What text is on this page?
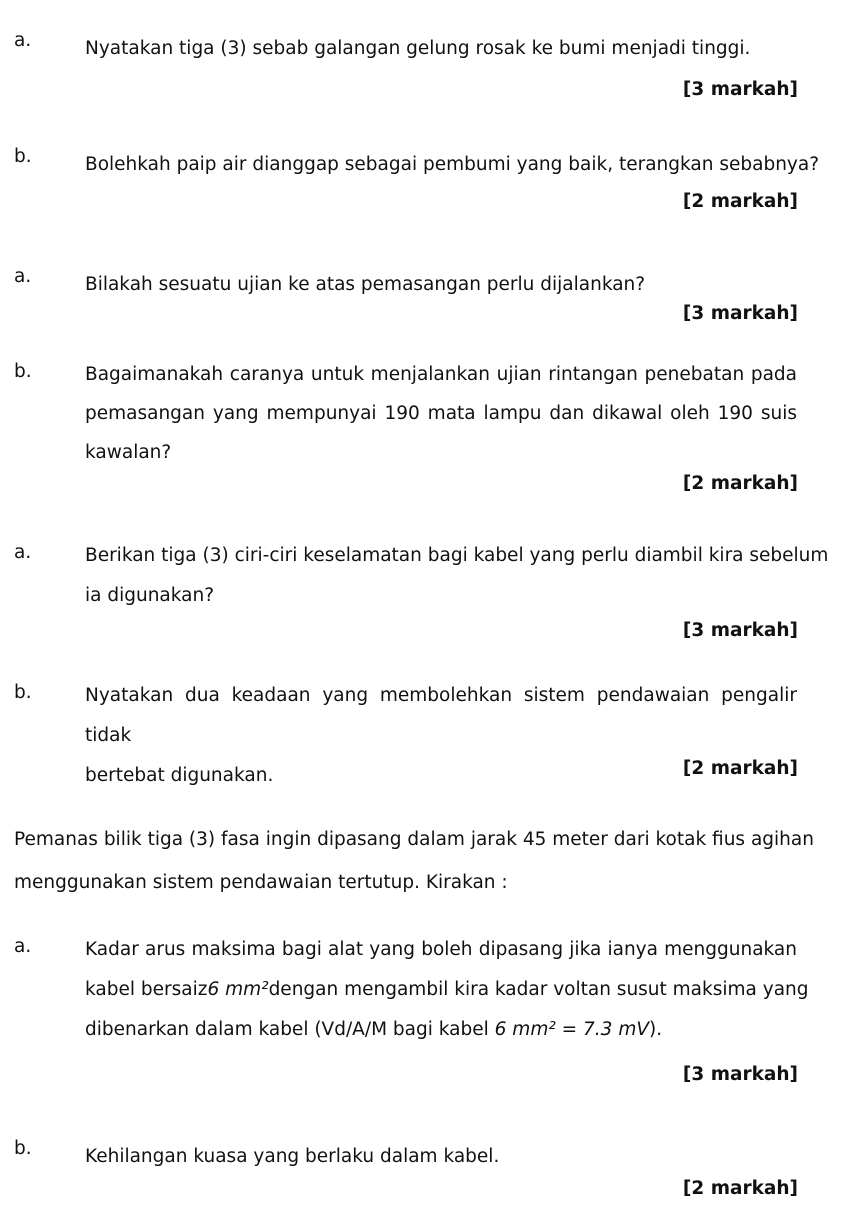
a.	Nyatakan tiga (3) sebab galangan gelung rosak ke bumi menjadi tinggi.
[3 markah]
b.	Bolehkah paip air dianggap sebagai pembumi yang baik, terangkan sebabnya?
[2 markah]
a.	Bilakah sesuatu ujian ke atas pemasangan perlu dijalankan?
[3 markah]
b.	Bagaimanakah caranya untuk menjalankan ujian rintangan penebatan pada
pemasangan yang mempunyai 190 mata lampu dan dikawal oleh 190 suis
kawalan?
[2 markah]
a.	Berikan tiga (3) ciri-ciri keselamatan bagi kabel yang perlu diambil kira sebelum
ia digunakan?
[3 markah]
b.	Nyatakan dua keadaan yang membolehkan sistem pendawaian pengalir tidak
bertebat digunakan.	[2 markah]
Pemanas bilik tiga (3) fasa ingin dipasang dalam jarak 45 meter dari kotak fius agihan
menggunakan sistem pendawaian tertutup. Kirakan :
a.	Kadar arus maksima bagi alat yang boleh dipasang jika ianya menggunakan
kabel bersaiz 6 mm² dengan mengambil kira kadar voltan susut maksima yang
dibenarkan dalam kabel (Vd/A/M bagi kabel 6 mm² = 7.3 mV).
[3 markah]
b.	Kehilangan kuasa yang berlaku dalam kabel.
[2 markah]
